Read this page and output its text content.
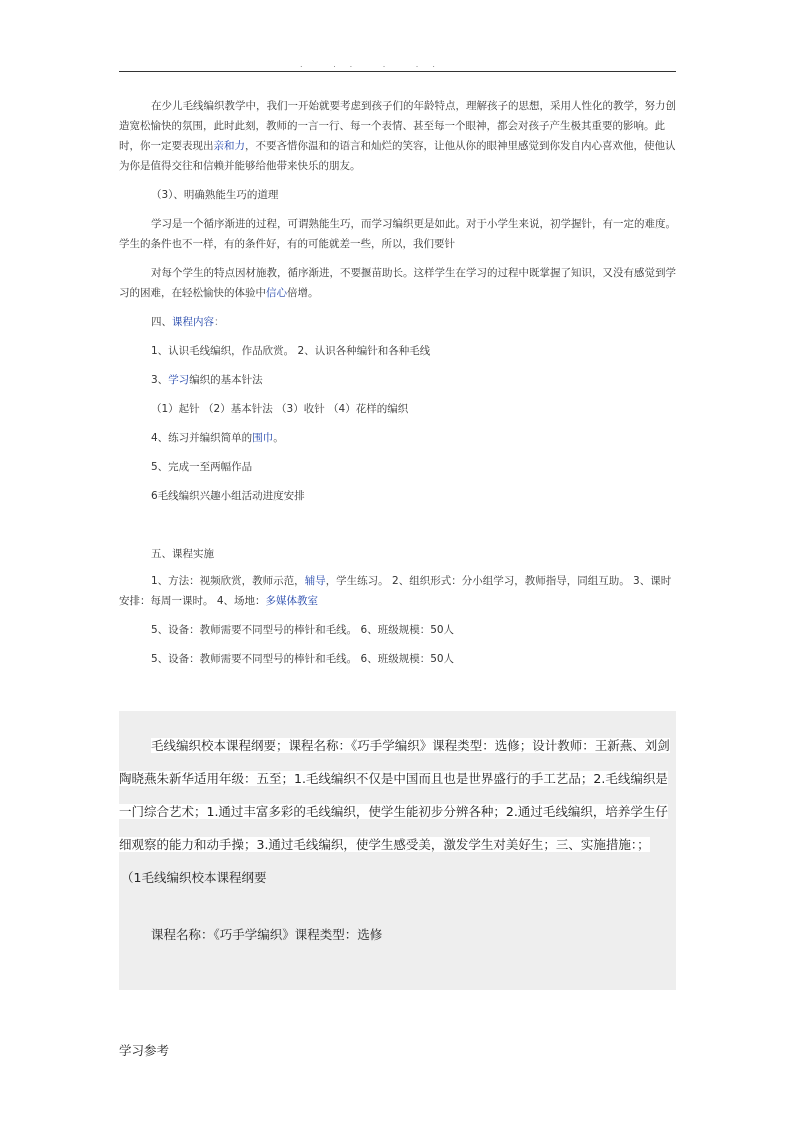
. .. . ..

在少儿毛线编织教学中，我们一开始就要考虑到孩子们的年龄特点，理解孩子的思想，采用人性化的教学，努力创造宽松愉快的氛围，此时此刻，教师的一言一行、每一个表情、甚至每一个眼神，都会对孩子产生极其重要的影响。此时，你一定要表现出亲和力，不要吝惜你温和的语言和灿烂的笑容，让他从你的眼神里感觉到你发自内心喜欢他，使他认为你是值得交往和信赖并能够给他带来快乐的朋友。

（3）、明确熟能生巧的道理

学习是一个循序渐进的过程，可谓熟能生巧，而学习编织更是如此。对于小学生来说，初学握针，有一定的难度。学生的条件也不一样，有的条件好，有的可能就差一些，所以，我们要针

对每个学生的特点因材施教，循序渐进，不要揠苗助长。这样学生在学习的过程中既掌握了知识，又没有感觉到学习的困难，在轻松愉快的体验中信心倍增。

四、课程内容：

1、认识毛线编织，作品欣赏。 2、认识各种编针和各种毛线

3、学习编织的基本针法

（1）起针 （2）基本针法 （3）收针 （4）花样的编织

4、练习并编织简单的围巾。

5、完成一至两幅作品

6毛线编织兴趣小组活动进度安排

五、课程实施

1、方法：视频欣赏，教师示范，辅导，学生练习。 2、组织形式：分小组学习，教师指导，同组互助。 3、课时安排：每周一课时。 4、场地：多媒体教室

5、设备：教师需要不同型号的棒针和毛线。 6、班级规模：50人

5、设备：教师需要不同型号的棒针和毛线。 6、班级规模：50人

毛线编织校本课程纲要；课程名称：《巧手学编织》课程类型：选修；设计教师：王新燕、刘剑陶晓燕朱新华适用年级：五至；1.毛线编织不仅是中国而且也是世界盛行的手工艺品；2.毛线编织是一门综合艺术；1.通过丰富多彩的毛线编织，使学生能初步分辨各种；2.通过毛线编织，培养学生仔细观察的能力和动手操；3.通过毛线编织，使学生感受美，激发学生对美好生；三、实施措施：；

（1毛线编织校本课程纲要

课程名称：《巧手学编织》课程类型：选修

学习参考
